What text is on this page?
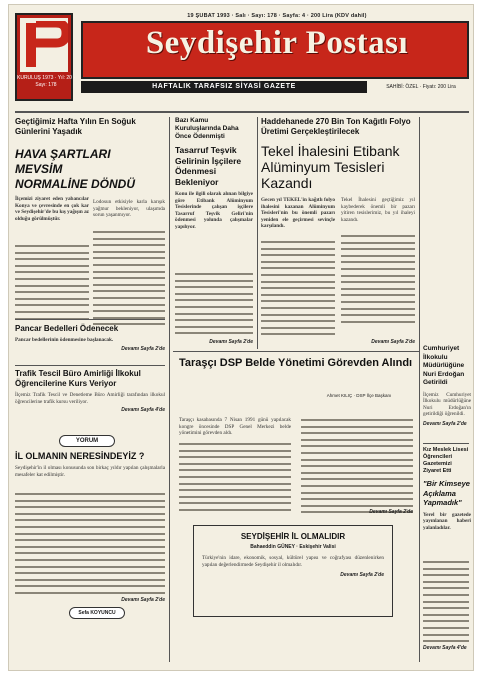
KURULUŞ 1973 · Yıl: 20 · Sayı: 178
19 ŞUBAT 1993 · Salı · Sayı: 178 · Sayfa: 4 · 200 Lira (KDV dahil)
Seydişehir Postası
HAFTALIK TARAFSIZ SİYASİ GAZETE	SAHİBİ: ÖZEL · Fiyatı: 200 Lira
Geçtiğimiz Hafta Yılın En Soğuk Günlerini Yaşadık
HAVA ŞARTLARI MEVSİM NORMALİNE DÖNDÜ
İlçemizi ziyaret eden yabancılar Konya ve çevresinde en çok kar ve Seydişehir'de bu kış yağışın az olduğu görülmüştür.
Lodosun etkisiyle karla karışık yağmur bekleniyor, ulaşımda sorun yaşanmıyor.
Pancar Bedelleri Ödenecek
Pancar bedellerinin ödenmesine başlanacak.
Devamı Sayfa 2'de
Trafik Tescil Büro Amirliği İlkokul Öğrencilerine Kurs Veriyor
İlçemiz Trafik Tescil ve Denetleme Büro Amirliği tarafından ilkokul öğrencilerine trafik kursu veriliyor.
Devamı Sayfa 4'de
YORUM
İL OLMANIN NERESİNDEYİZ ?
Seydişehir'in il olması konusunda son birkaç yıldır yapılan çalışmalarla mesafeler kat edilmiştir.
Devamı Sayfa 2'de
Sefa KOYUNCU
Bazı Kamu Kuruluşlarında Daha Önce Ödenmişti
Tasarruf Teşvik Gelirinin İşçilere Ödenmesi Bekleniyor
Konu ile ilgili olarak alınan bilgiye göre Etibank Alüminyum Tesislerinde çalışan işçilere Tasarruf Teşvik Geliri'nin ödenmesi yolunda çalışmalar yapılıyor.
Devamı Sayfa 2'de
Haddehanede 270 Bin Ton Kağıtlı Folyo Üretimi Gerçekleştirilecek
Tekel İhalesini Etibank Alüminyum Tesisleri Kazandı
Gecen yıl TEKEL'in kağıtlı folyo ihalesini kazanan Alüminyum Tesisleri'nin bu önemli pazarı yeniden ele geçirmesi sevinçle karşılandı.
Tekel İhalesini geçtiğimiz yıl kaybederek önemli bir pazarı yitiren tesislerimiz, bu yıl ihaleyi kazandı.
Devamı Sayfa 2'de
Taraşçı DSP Belde Yönetimi Görevden Alındı
Ahmet KILIÇ · DSP İlçe Başkanı
Taraşçı kasabasında 7 Nisan 1991 günü yapılacak kongre öncesinde DSP Genel Merkezi belde yönetimini görevden aldı.
Devamı Sayfa 2'de
SEYDİŞEHİR İL OLMALIDIR
Bahaeddin GÜNEY · Eskişehir Valisi
Türkiye'nin idare, ekonomik, sosyal, kültürel yapısı ve coğrafyası düzenlenirken yapılan değerlendirmede Seydişehir il olmalıdır.
Devamı Sayfa 2'de
Cumhuriyet İlkokulu Müdürlüğüne Nuri Erdoğan Getirildi
İlçemiz Cumhuriyet İlkokulu müdürlüğüne Nuri Erdoğan'ın getirildiği öğrenildi.
Devamı Sayfa 2'de
Kız Meslek Lisesi Öğrencileri Gazetemizi Ziyaret Etti
"Bir Kimseye Açıklama Yapmadık"
Yerel bir gazetede yayınlanan haberi yalanladılar.
Devamı Sayfa 4'de
